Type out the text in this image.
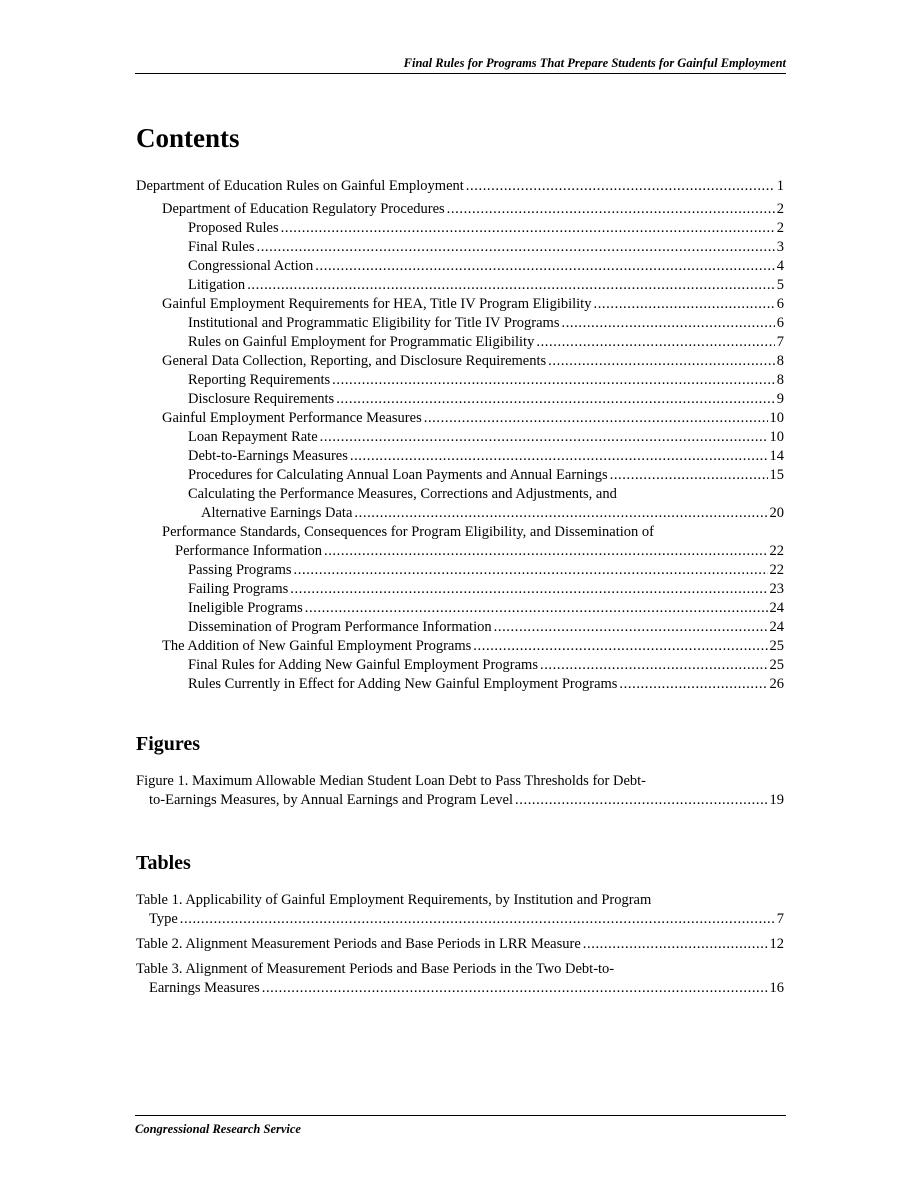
Final Rules for Programs That Prepare Students for Gainful Employment
Contents
Department of Education Rules on Gainful Employment .....	1
Department of Education Regulatory Procedures .....	2
Proposed Rules .....	2
Final Rules .....	3
Congressional Action .....	4
Litigation .....	5
Gainful Employment Requirements for HEA, Title IV Program Eligibility .....	6
Institutional and Programmatic Eligibility for Title IV Programs .....	6
Rules on Gainful Employment for Programmatic Eligibility .....	7
General Data Collection, Reporting, and Disclosure Requirements .....	8
Reporting Requirements .....	8
Disclosure Requirements .....	9
Gainful Employment Performance Measures .....	10
Loan Repayment Rate .....	10
Debt-to-Earnings Measures .....	14
Procedures for Calculating Annual Loan Payments and Annual Earnings .....	15
Calculating the Performance Measures, Corrections and Adjustments, and
Alternative Earnings Data .....	20
Performance Standards, Consequences for Program Eligibility, and Dissemination of
Performance Information .....	22
Passing Programs .....	22
Failing Programs .....	23
Ineligible Programs .....	24
Dissemination of Program Performance Information .....	24
The Addition of New Gainful Employment Programs .....	25
Final Rules for Adding New Gainful Employment Programs .....	25
Rules Currently in Effect for Adding New Gainful Employment Programs .....	26
Figures
Figure 1. Maximum Allowable Median Student Loan Debt to Pass Thresholds for Debt-
to-Earnings Measures, by Annual Earnings and Program Level .....	19
Tables
Table 1. Applicability of Gainful Employment Requirements, by Institution and Program
Type .....	7
Table 2. Alignment Measurement Periods and Base Periods in LRR Measure .....	12
Table 3. Alignment of Measurement Periods and Base Periods in the Two Debt-to-
Earnings Measures .....	16
Congressional Research Service
